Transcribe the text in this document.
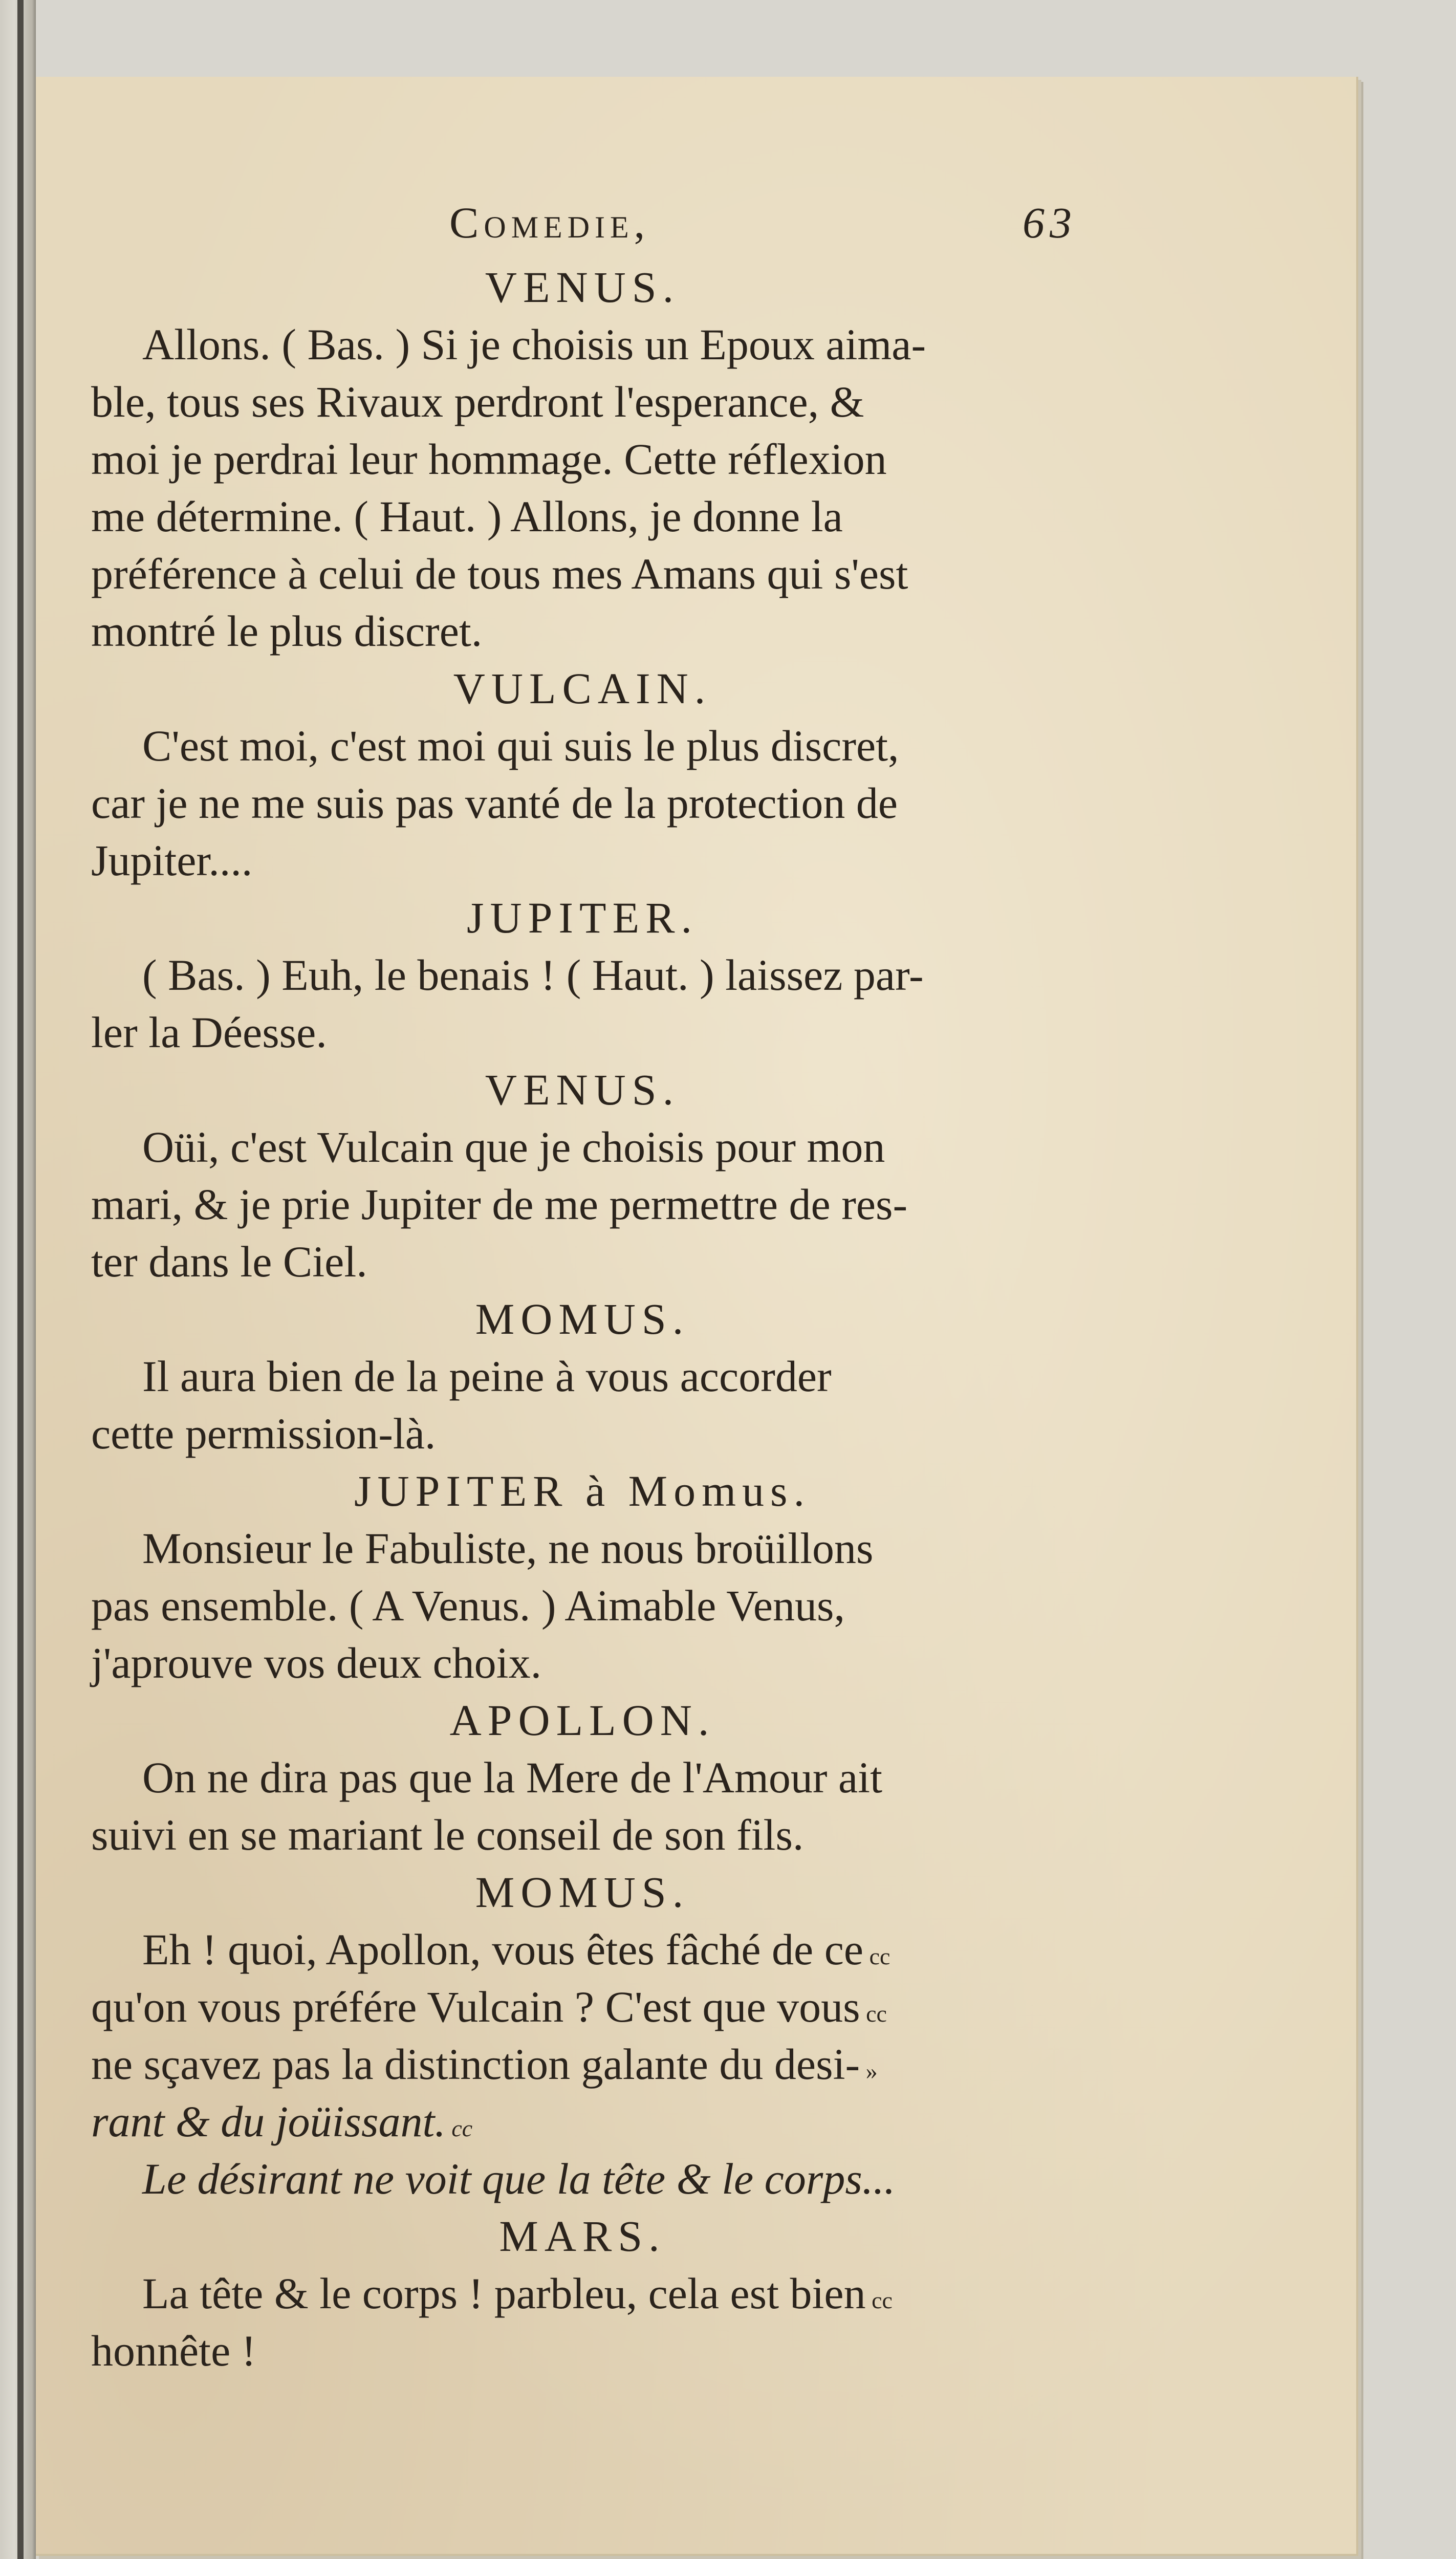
Comedie,	63
VENUS.
Allons. ( Bas. ) Si je choisis un Epoux aima-
ble, tous ses Rivaux perdront l'esperance, &
moi je perdrai leur hommage. Cette réflexion
me détermine. ( Haut. ) Allons, je donne la
préférence à celui de tous mes Amans qui s'est
montré le plus discret.
VULCAIN.
C'est moi, c'est moi qui suis le plus discret,
car je ne me suis pas vanté de la protection de
Jupiter....
JUPITER.
( Bas. ) Euh, le benais ! ( Haut. ) laissez par-
ler la Déesse.
VENUS.
Oüi, c'est Vulcain que je choisis pour mon
mari, & je prie Jupiter de me permettre de res-
ter dans le Ciel.
MOMUS.
Il aura bien de la peine à vous accorder
cette permission-là.
JUPITER à Momus.
Monsieur le Fabuliste, ne nous broüillons
pas ensemble. ( A Venus. ) Aimable Venus,
j'aprouve vos deux choix.
APOLLON.
On ne dira pas que la Mere de l'Amour ait
suivi en se mariant le conseil de son fils.
MOMUS.
Eh ! quoi, Apollon, vous êtes fâché de ce cc
qu'on vous préfére Vulcain ? C'est que vous cc
ne sçavez pas la distinction galante du desi- »
rant & du joüissant. cc
Le désirant ne voit que la tête & le corps...
MARS.
La tête & le corps ! parbleu, cela est bien cc
honnête !
